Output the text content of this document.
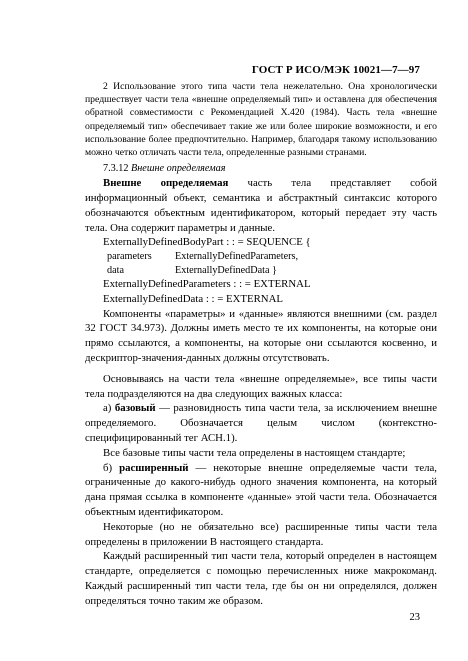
ГОСТ Р ИСО/МЭК 10021—7—97

2 Использование этого типа части тела нежелательно. Она хронологически предшествует части тела «внешне определяемый тип» и оставлена для обеспечения обратной совместимости с Рекомендацией X.420 (1984). Часть тела «внешне определяемый тип» обеспечивает такие же или более широкие возможности, и его использование более предпочтительно. Например, благодаря такому использованию можно четко отличать части тела, определенные разными странами.

7.3.12 Внешне определяемая

Внешне определяемая часть тела представляет собой информационный объект, семантика и абстрактный синтаксис которого обозначаются объектным идентификатором, который передает эту часть тела. Она содержит параметры и данные.

ExternallyDefinedBodyPart : : = SEQUENCE {

parameters	ExternallyDefinedParameters,
data	ExternallyDefinedData }

ExternallyDefinedParameters : : = EXTERNAL

ExternallyDefinedData : : = EXTERNAL

Компоненты «параметры» и «данные» являются внешними (см. раздел 32 ГОСТ 34.973). Должны иметь место те их компоненты, на которые они прямо ссылаются, а компоненты, на которые они ссылаются косвенно, и дескриптор-значения-данных должны отсутствовать.

Основываясь на части тела «внешне определяемые», все типы части тела подразделяются на два следующих важных класса:

а) базовый — разновидность типа части тела, за исключением внешне определяемого. Обозначается целым числом (контекстно-специфицированный тег АСН.1).

Все базовые типы части тела определены в настоящем стандарте;

б) расширенный — некоторые внешне определяемые части тела, ограниченные до какого-нибудь одного значения компонента, на который дана прямая ссылка в компоненте «данные» этой части тела. Обозначается объектным идентификатором.

Некоторые (но не обязательно все) расширенные типы части тела определены в приложении В настоящего стандарта.

Каждый расширенный тип части тела, который определен в настоящем стандарте, определяется с помощью перечисленных ниже макрокоманд. Каждый расширенный тип части тела, где бы он ни определялся, должен определяться точно таким же образом.

23
